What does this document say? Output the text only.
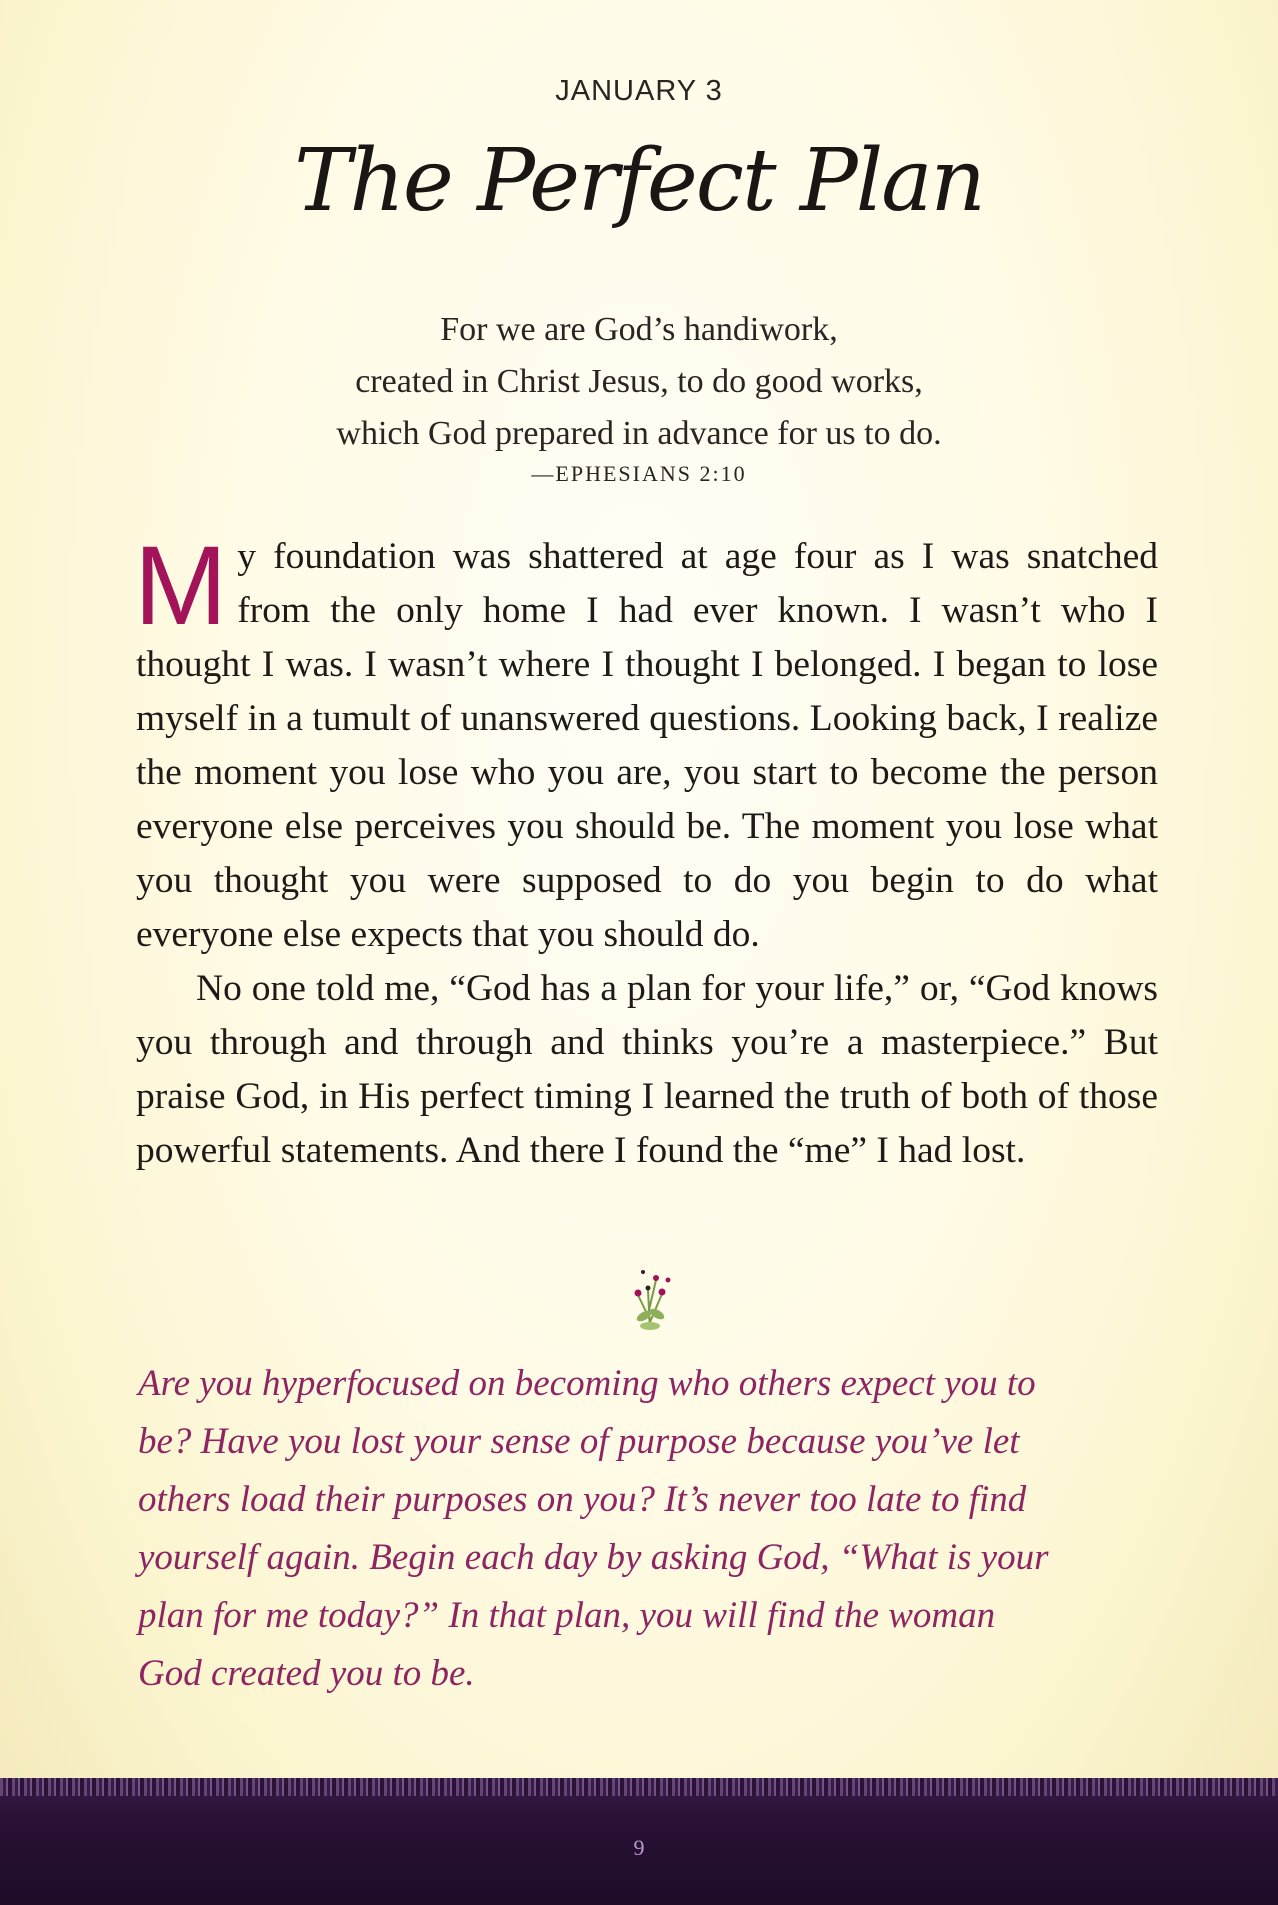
JANUARY 3
The Perfect Plan
For we are God’s handiwork,
created in Christ Jesus, to do good works,
which God prepared in advance for us to do.
—EPHESIANS 2:10

My foundation was shattered at age four as I was snatched from the only home I had ever known. I wasn’t who I thought I was. I wasn’t where I thought I belonged. I began to lose myself in a tumult of unanswered questions. Looking back, I realize the moment you lose who you are, you start to become the person everyone else perceives you should be. The moment you lose what you thought you were supposed to do you begin to do what everyone else expects that you should do.

No one told me, “God has a plan for your life,” or, “God knows you through and through and thinks you’re a masterpiece.” But praise God, in His perfect timing I learned the truth of both of those powerful statements. And there I found the “me” I had lost.

Are you hyperfocused on becoming who others expect you to
be? Have you lost your sense of purpose because you’ve let
others load their purposes on you? It’s never too late to find
yourself again. Begin each day by asking God, “What is your
plan for me today?” In that plan, you will find the woman
God created you to be.
9
